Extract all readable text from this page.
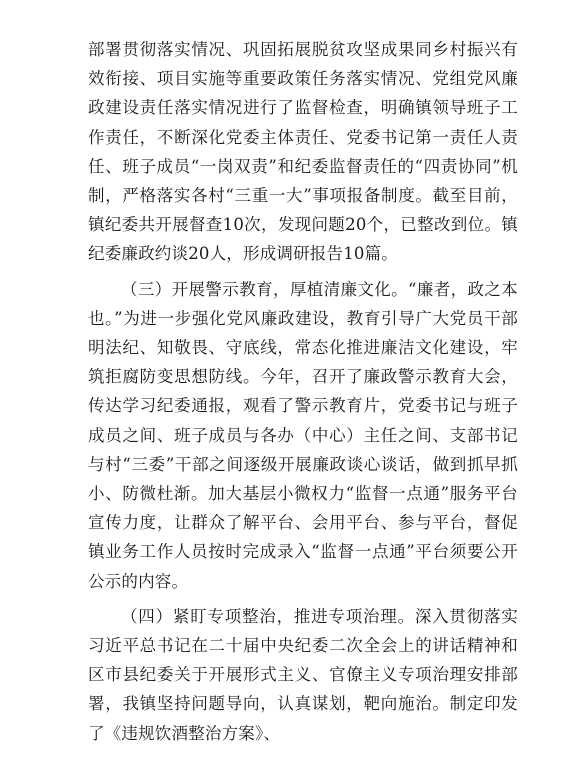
部署贯彻落实情况、巩固拓展脱贫攻坚成果同乡村振兴有效衔接、项目实施等重要政策任务落实情况、党组党风廉政建设责任落实情况进行了监督检查，明确镇领导班子工作责任，不断深化党委主体责任、党委书记第一责任人责任、班子成员“一岗双责”和纪委监督责任的“四责协同”机制，严格落实各村“三重一大”事项报备制度。截至目前，镇纪委共开展督查10次，发现问题20个，已整改到位。镇纪委廉政约谈20人，形成调研报告10篇。

（三）开展警示教育，厚植清廉文化。“廉者，政之本也。”为进一步强化党风廉政建设，教育引导广大党员干部明法纪、知敬畏、守底线，常态化推进廉洁文化建设，牢筑拒腐防变思想防线。今年，召开了廉政警示教育大会，传达学习纪委通报，观看了警示教育片，党委书记与班子成员之间、班子成员与各办（中心）主任之间、支部书记与村“三委”干部之间逐级开展廉政谈心谈话，做到抓早抓小、防微杜渐。加大基层小微权力“监督一点通”服务平台宣传力度，让群众了解平台、会用平台、参与平台，督促镇业务工作人员按时完成录入“监督一点通”平台须要公开公示的内容。

（四）紧盯专项整治，推进专项治理。深入贯彻落实习近平总书记在二十届中央纪委二次全会上的讲话精神和区市县纪委关于开展形式主义、官僚主义专项治理安排部署，我镇坚持问题导向，认真谋划，靶向施治。制定印发了《违规饮酒整治方案》、
